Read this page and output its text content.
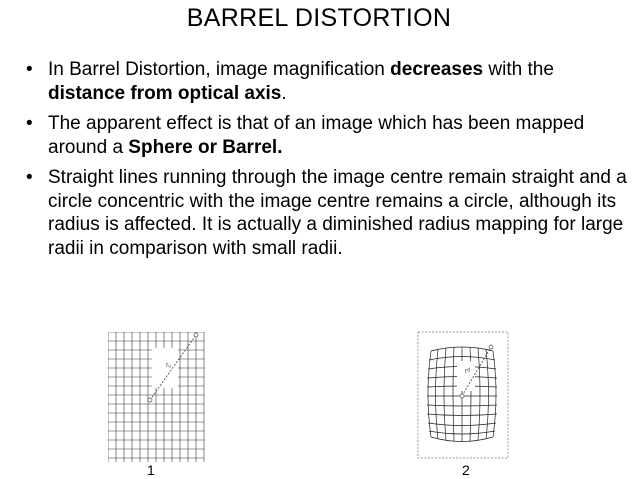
BARREL DISTORTION
• In Barrel Distortion, image magnification decreases with the distance from optical axis.
• The apparent effect is that of an image which has been mapped around a Sphere or Barrel.
• Straight lines running through the image centre remain straight and a circle concentric with the image centre remains a circle, although its radius is affected. It is actually a diminished radius mapping for large radii in comparison with small radii.
rᵤ
1
rᵈ
2
